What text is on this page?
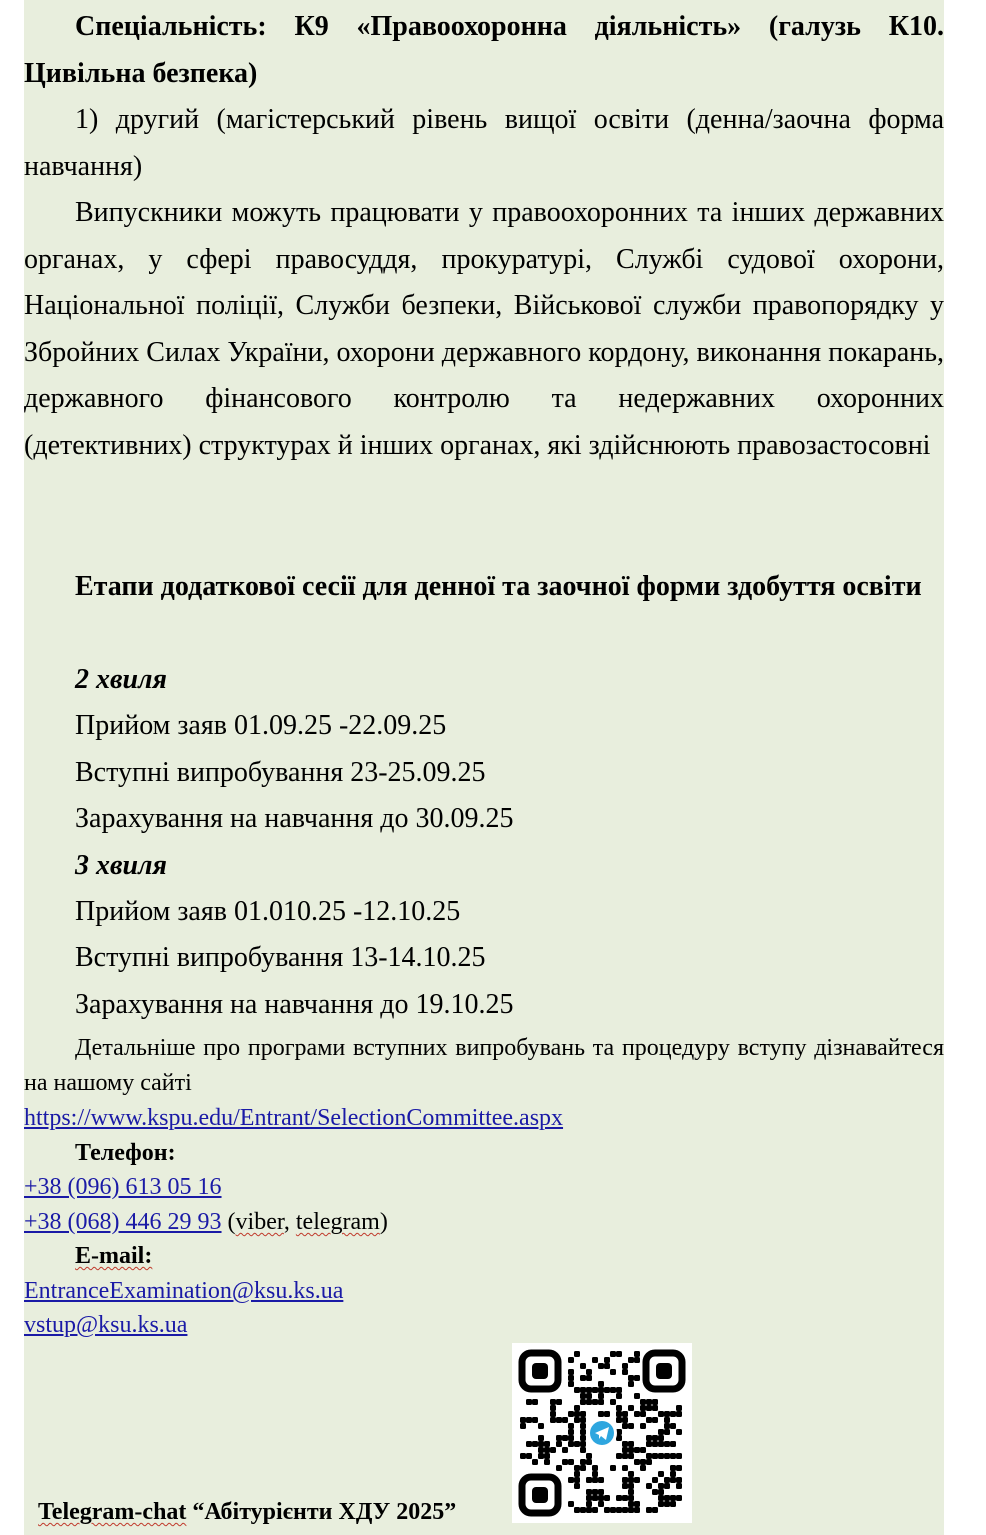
Спеціальність: К9 «Правоохоронна діяльність» (галузь К10. Цивільна безпека)

1) другий (магістерський рівень вищої освіти (денна/заочна форма навчання)

Випускники можуть працювати у правоохоронних та інших державних органах, у сфері правосуддя, прокуратурі, Службі судової охорони, Національної поліції, Служби безпеки, Військової служби правопорядку у Збройних Силах України, охорони державного кордону, виконання покарань, державного фінансового контролю та недержавних охоронних (детективних) структурах й інших органах, які здійснюють правозастосовні

Етапи додаткової сесії для денної та заочної форми здобуття освіти

2 хвиля
Прийом заяв 01.09.25 -22.09.25
Вступні випробування 23-25.09.25
Зарахування на навчання до 30.09.25
3 хвиля
Прийом заяв 01.010.25 -12.10.25
Вступні випробування 13-14.10.25
Зарахування на навчання до 19.10.25

Детальніше про програми вступних випробувань та процедуру вступу дізнавайтеся на нашому сайті

https://www.kspu.edu/Entrant/SelectionCommittee.aspx
Телефон:
+38 (096) 613 05 16
+38 (068) 446 29 93 (viber, telegram)
E-mail:
EntranceExamination@ksu.ks.ua
vstup@ksu.ks.ua
Telegram-chat “Абітурієнти ХДУ 2025”
